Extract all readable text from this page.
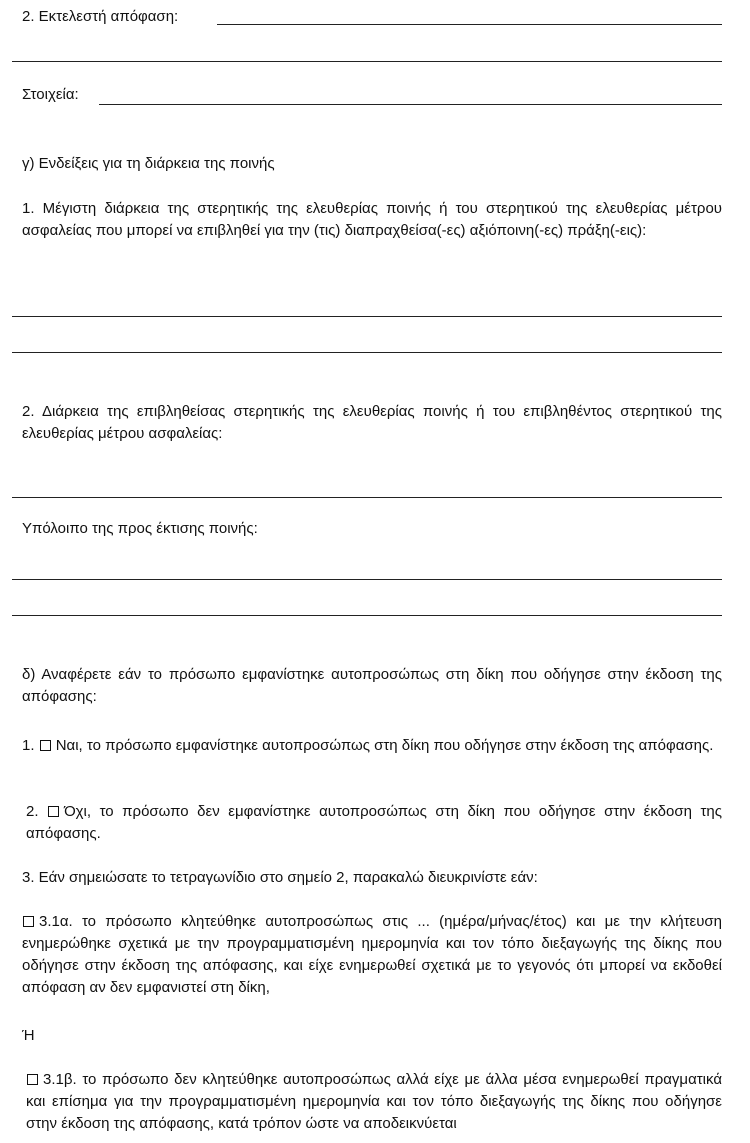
2. Εκτελεστή απόφαση:
Στοιχεία:
γ) Ενδείξεις για τη διάρκεια της ποινής
1. Μέγιστη διάρκεια της στερητικής της ελευθερίας ποινής ή του στερητικού της ελευθερίας μέτρου ασφαλείας που μπορεί να επιβληθεί για την (τις) διαπραχθείσα(-ες) αξιόποινη(-ες) πράξη(-εις):
2. Διάρκεια της επιβληθείσας στερητικής της ελευθερίας ποινής ή του επιβληθέντος στερητικού της ελευθερίας μέτρου ασφαλείας:
Υπόλοιπο της προς έκτισης ποινής:
δ) Αναφέρετε εάν το πρόσωπο εμφανίστηκε αυτοπροσώπως στη δίκη που οδήγησε στην έκδοση της απόφασης:
1. Ναι, το πρόσωπο εμφανίστηκε αυτοπροσώπως στη δίκη που οδήγησε στην έκδοση της απόφασης.
2. Όχι, το πρόσωπο δεν εμφανίστηκε αυτοπροσώπως στη δίκη που οδήγησε στην έκδοση της απόφασης.
3. Εάν σημειώσατε το τετραγωνίδιο στο σημείο 2, παρακαλώ διευκρινίστε εάν:
3.1α. το πρόσωπο κλητεύθηκε αυτοπροσώπως στις ... (ημέρα/μήνας/έτος) και με την κλήτευση ενημερώθηκε σχετικά με την προγραμματισμένη ημερομηνία και τον τόπο διεξαγωγής της δίκης που οδήγησε στην έκδοση της απόφασης, και είχε ενημερωθεί σχετικά με το γεγονός ότι μπορεί να εκδοθεί απόφαση αν δεν εμφανιστεί στη δίκη,
Ή
3.1β. το πρόσωπο δεν κλητεύθηκε αυτοπροσώπως αλλά είχε με άλλα μέσα ενημερωθεί πραγματικά και επίσημα για την προγραμματισμένη ημερομηνία και τον τόπο διεξαγωγής της δίκης που οδήγησε στην έκδοση της απόφασης, κατά τρόπον ώστε να αποδεικνύεται
